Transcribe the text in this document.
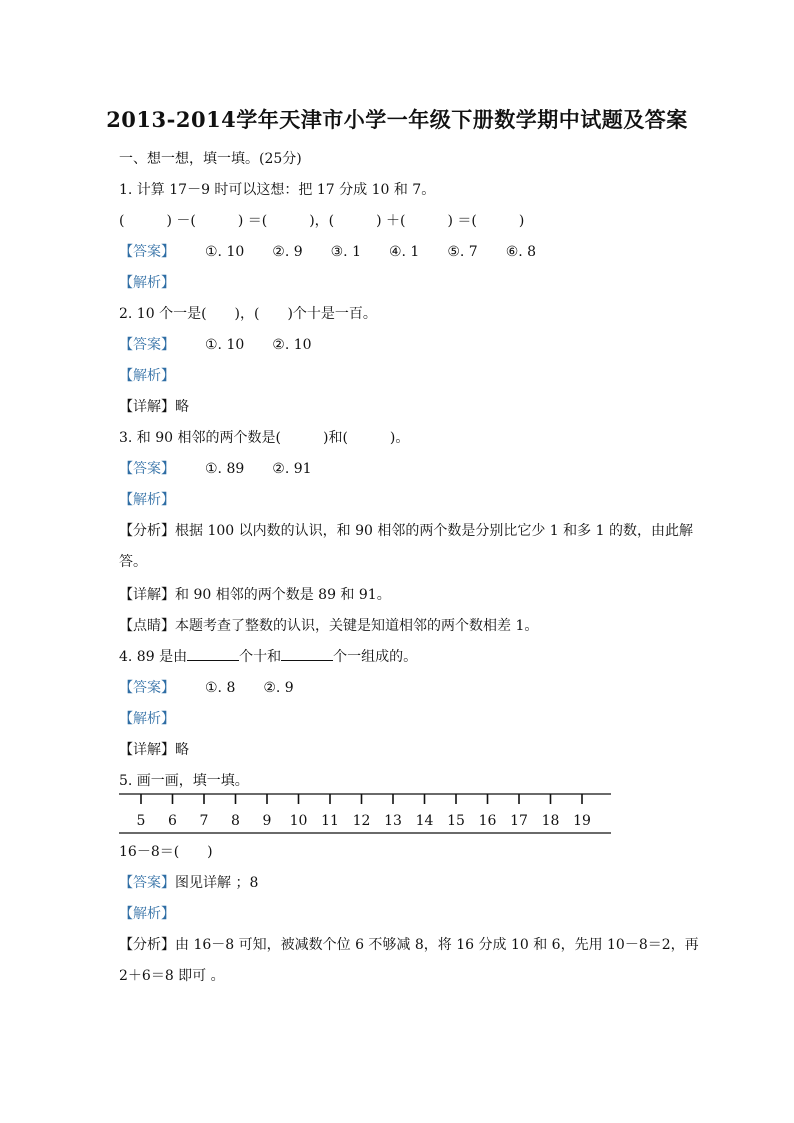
2013-2014学年天津市小学一年级下册数学期中试题及答案
一、想一想，填一填。(25分)
1. 计算 17－9 时可以这想：把 17 分成 10 和 7。
(　　　) －(　　　) ＝(　　　)，(　　　) ＋(　　　) ＝(　　　)
【答案】 ①. 10　　②. 9　　③. 1　　④. 1　　⑤. 7　　⑥. 8
【解析】
2. 10 个一是(　　)，(　　)个十是一百。
【答案】 ①. 10　　②. 10
【解析】
【详解】略
3. 和 90 相邻的两个数是(　　　)和(　　　)。
【答案】 ①. 89　　②. 91
【解析】
【分析】根据 100 以内数的认识，和 90 相邻的两个数是分别比它少 1 和多 1 的数，由此解
答。
【详解】和 90 相邻的两个数是 89 和 91。
【点睛】本题考查了整数的认识，关键是知道相邻的两个数相差 1。
4. 89 是由	个十和	个一组成的。
【答案】 ①. 8　　②. 9
【解析】
【详解】略
5. 画一画，填一填。
5 6 7 8 9 10 11 12 13 14 15 16 17 18 19
16－8＝(　　)
【答案】图见详解 ；8
【解析】
【分析】由 16－8 可知，被减数个位 6 不够减 8，将 16 分成 10 和 6，先用 10－8＝2，再
2＋6＝8 即可 。
